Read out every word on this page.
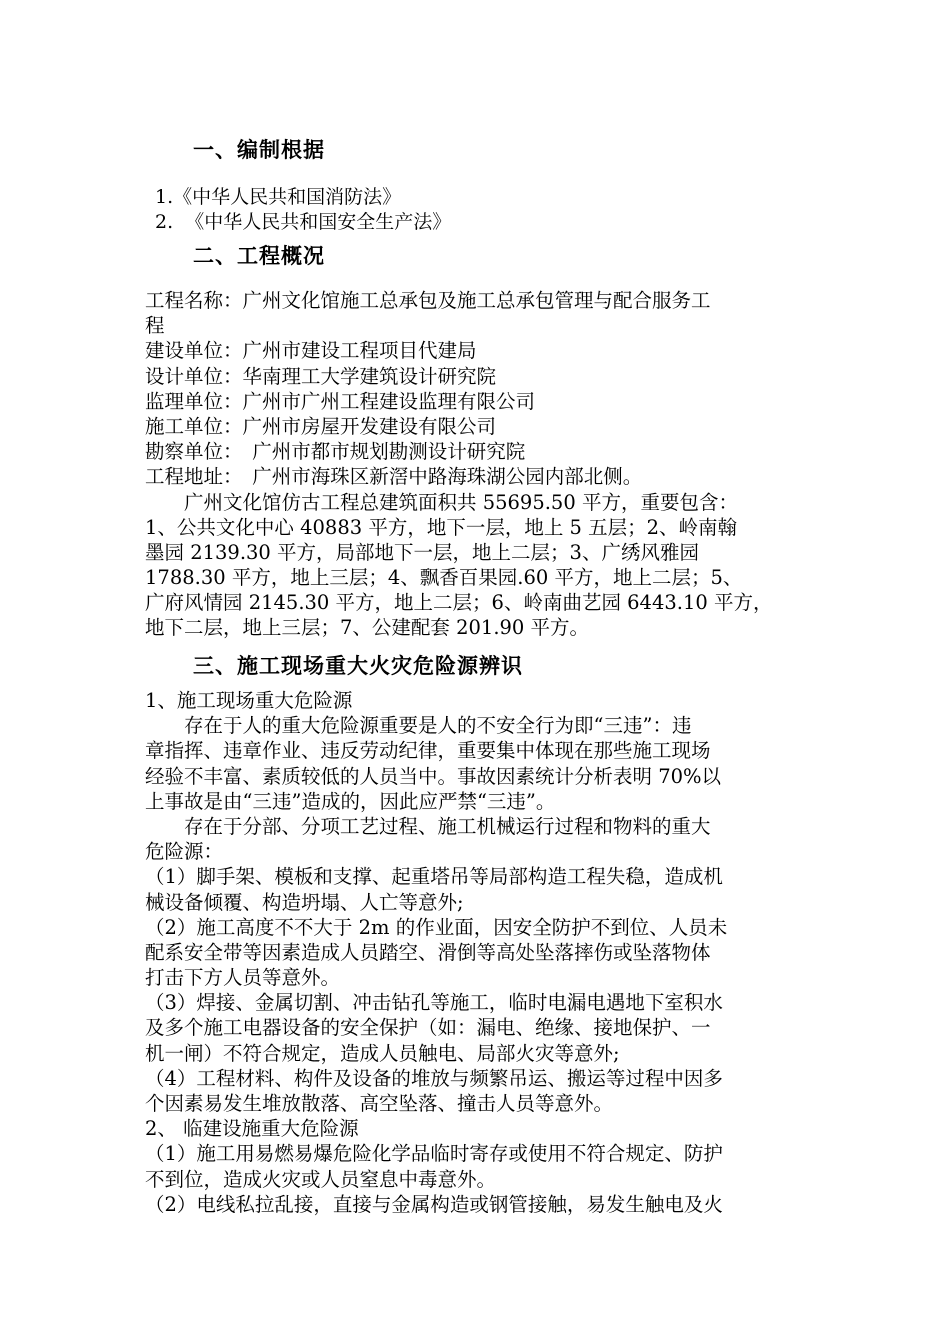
一、编制根据
1.《中华人民共和国消防法》
2. 《中华人民共和国安全生产法》
二、工程概况
工程名称：广州文化馆施工总承包及施工总承包管理与配合服务工
程
建设单位：广州市建设工程项目代建局
设计单位：华南理工大学建筑设计研究院
监理单位：广州市广州工程建设监理有限公司
施工单位：广州市房屋开发建设有限公司
勘察单位：　广州市都市规划勘测设计研究院
工程地址：　广州市海珠区新滘中路海珠湖公园内部北侧。
广州文化馆仿古工程总建筑面积共 55695.50 平方，重要包含：
1、公共文化中心 40883 平方，地下一层，地上 5 五层；2、岭南翰
墨园 2139.30 平方，局部地下一层，地上二层；3、广绣风雅园
1788.30 平方，地上三层；4、飘香百果园.60 平方，地上二层；5、
广府风情园 2145.30 平方，地上二层；6、岭南曲艺园 6443.10 平方，
地下二层，地上三层；7、公建配套 201.90 平方。
三、施工现场重大火灾危险源辨识
1、施工现场重大危险源
存在于人的重大危险源重要是人的不安全行为即“三违”：违
章指挥、违章作业、违反劳动纪律，重要集中体现在那些施工现场
经验不丰富、素质较低的人员当中。事故因素统计分析表明 70%以
上事故是由“三违”造成的，因此应严禁“三违”。
存在于分部、分项工艺过程、施工机械运行过程和物料的重大
危险源：
（1）脚手架、模板和支撑、起重塔吊等局部构造工程失稳，造成机
械设备倾覆、构造坍塌、人亡等意外;
（2）施工高度不不大于 2m 的作业面，因安全防护不到位、人员未
配系安全带等因素造成人员踏空、滑倒等高处坠落摔伤或坠落物体
打击下方人员等意外。
（3）焊接、金属切割、冲击钻孔等施工，临时电漏电遇地下室积水
及多个施工电器设备的安全保护（如：漏电、绝缘、接地保护、一
机一闸）不符合规定，造成人员触电、局部火灾等意外;
（4）工程材料、构件及设备的堆放与频繁吊运、搬运等过程中因多
个因素易发生堆放散落、高空坠落、撞击人员等意外。
2、 临建设施重大危险源
（1）施工用易燃易爆危险化学品临时寄存或使用不符合规定、防护
不到位，造成火灾或人员窒息中毒意外。
（2）电线私拉乱接，直接与金属构造或钢管接触，易发生触电及火
